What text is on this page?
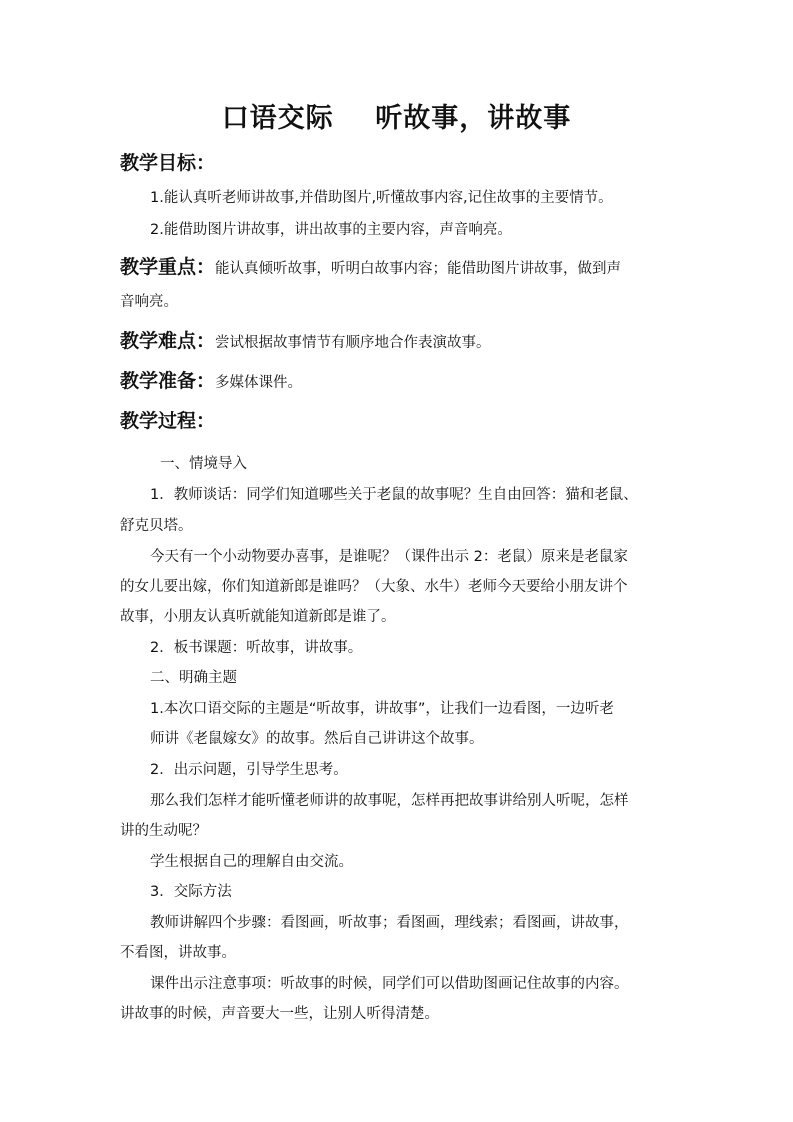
口语交际    听故事，讲故事
教学目标：
1.能认真听老师讲故事,并借助图片,听懂故事内容,记住故事的主要情节。
2.能借助图片讲故事，讲出故事的主要内容，声音响亮。
教学重点：能认真倾听故事，听明白故事内容；能借助图片讲故事，做到声
音响亮。
教学难点：尝试根据故事情节有顺序地合作表演故事。
教学准备：多媒体课件。
教学过程：
一、情境导入
1．教师谈话：同学们知道哪些关于老鼠的故事呢？生自由回答：猫和老鼠、
舒克贝塔。
今天有一个小动物要办喜事，是谁呢？（课件出示 2：老鼠）原来是老鼠家
的女儿要出嫁，你们知道新郎是谁吗？（大象、水牛）老师今天要给小朋友讲个
故事，小朋友认真听就能知道新郎是谁了。
2．板书课题：听故事，讲故事。
二、明确主题
1.本次口语交际的主题是“听故事，讲故事”，让我们一边看图，一边听老
师讲《老鼠嫁女》的故事。然后自己讲讲这个故事。
2．出示问题，引导学生思考。
那么我们怎样才能听懂老师讲的故事呢，怎样再把故事讲给别人听呢，怎样
讲的生动呢？
学生根据自己的理解自由交流。
3．交际方法
教师讲解四个步骤：看图画，听故事；看图画，理线索；看图画，讲故事，
不看图，讲故事。
课件出示注意事项：听故事的时候，同学们可以借助图画记住故事的内容。
讲故事的时候，声音要大一些，让别人听得清楚。
